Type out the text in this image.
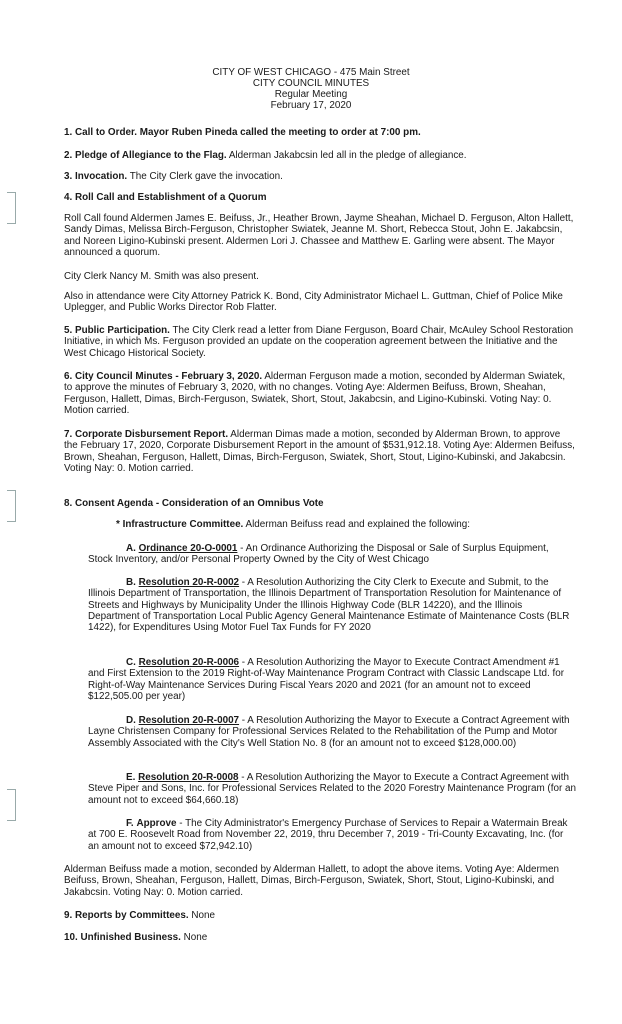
CITY OF WEST CHICAGO - 475 Main Street
CITY COUNCIL MINUTES
Regular Meeting
February 17, 2020

1. Call to Order. Mayor Ruben Pineda called the meeting to order at 7:00 pm.

2. Pledge of Allegiance to the Flag. Alderman Jakabcsin led all in the pledge of allegiance.

3. Invocation. The City Clerk gave the invocation.

4. Roll Call and Establishment of a Quorum

Roll Call found Aldermen James E. Beifuss, Jr., Heather Brown, Jayme Sheahan, Michael D. Ferguson, Alton Hallett, Sandy Dimas, Melissa Birch-Ferguson, Christopher Swiatek, Jeanne M. Short, Rebecca Stout, John E. Jakabcsin, and Noreen Ligino-Kubinski present. Aldermen Lori J. Chassee and Matthew E. Garling were absent. The Mayor announced a quorum.

City Clerk Nancy M. Smith was also present.

Also in attendance were City Attorney Patrick K. Bond, City Administrator Michael L. Guttman, Chief of Police Mike Uplegger, and Public Works Director Rob Flatter.

5. Public Participation. The City Clerk read a letter from Diane Ferguson, Board Chair, McAuley School Restoration Initiative, in which Ms. Ferguson provided an update on the cooperation agreement between the Initiative and the West Chicago Historical Society.

6. City Council Minutes - February 3, 2020. Alderman Ferguson made a motion, seconded by Alderman Swiatek, to approve the minutes of February 3, 2020, with no changes. Voting Aye: Aldermen Beifuss, Brown, Sheahan, Ferguson, Hallett, Dimas, Birch-Ferguson, Swiatek, Short, Stout, Jakabcsin, and Ligino-Kubinski. Voting Nay: 0. Motion carried.

7. Corporate Disbursement Report. Alderman Dimas made a motion, seconded by Alderman Brown, to approve the February 17, 2020, Corporate Disbursement Report in the amount of $531,912.18. Voting Aye: Aldermen Beifuss, Brown, Sheahan, Ferguson, Hallett, Dimas, Birch-Ferguson, Swiatek, Short, Stout, Ligino-Kubinski, and Jakabcsin. Voting Nay: 0. Motion carried.

8. Consent Agenda - Consideration of an Omnibus Vote

* Infrastructure Committee. Alderman Beifuss read and explained the following:

A. Ordinance 20-O-0001 - An Ordinance Authorizing the Disposal or Sale of Surplus Equipment, Stock Inventory, and/or Personal Property Owned by the City of West Chicago

B. Resolution 20-R-0002 - A Resolution Authorizing the City Clerk to Execute and Submit, to the Illinois Department of Transportation, the Illinois Department of Transportation Resolution for Maintenance of Streets and Highways by Municipality Under the Illinois Highway Code (BLR 14220), and the Illinois Department of Transportation Local Public Agency General Maintenance Estimate of Maintenance Costs (BLR 1422), for Expenditures Using Motor Fuel Tax Funds for FY 2020

C. Resolution 20-R-0006 - A Resolution Authorizing the Mayor to Execute Contract Amendment #1 and First Extension to the 2019 Right-of-Way Maintenance Program Contract with Classic Landscape Ltd. for Right-of-Way Maintenance Services During Fiscal Years 2020 and 2021 (for an amount not to exceed $122,505.00 per year)

D. Resolution 20-R-0007 - A Resolution Authorizing the Mayor to Execute a Contract Agreement with Layne Christensen Company for Professional Services Related to the Rehabilitation of the Pump and Motor Assembly Associated with the City's Well Station No. 8 (for an amount not to exceed $128,000.00)

E. Resolution 20-R-0008 - A Resolution Authorizing the Mayor to Execute a Contract Agreement with Steve Piper and Sons, Inc. for Professional Services Related to the 2020 Forestry Maintenance Program (for an amount not to exceed $64,660.18)

F. Approve - The City Administrator's Emergency Purchase of Services to Repair a Watermain Break at 700 E. Roosevelt Road from November 22, 2019, thru December 7, 2019 - Tri-County Excavating, Inc. (for an amount not to exceed $72,942.10)

Alderman Beifuss made a motion, seconded by Alderman Hallett, to adopt the above items. Voting Aye: Aldermen Beifuss, Brown, Sheahan, Ferguson, Hallett, Dimas, Birch-Ferguson, Swiatek, Short, Stout, Ligino-Kubinski, and Jakabcsin. Voting Nay: 0. Motion carried.

9. Reports by Committees. None

10. Unfinished Business. None
